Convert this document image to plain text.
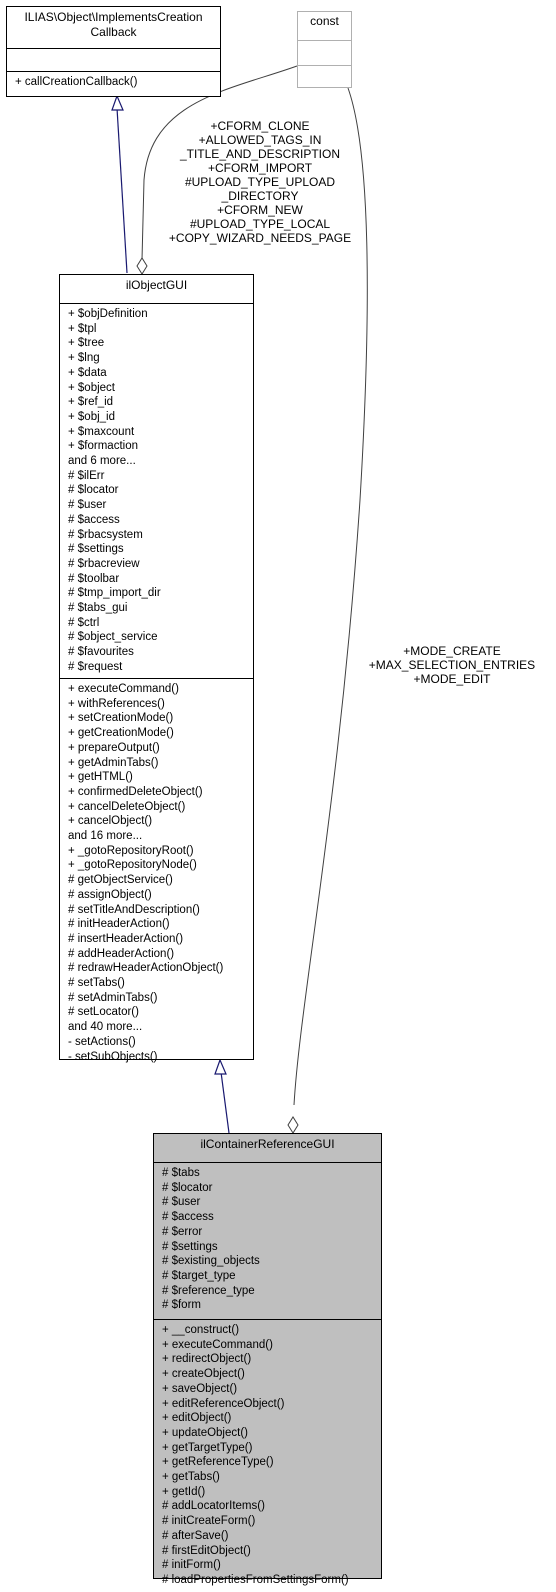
ILIAS\Object\ImplementsCreation
Callback
+ callCreationCallback()
const
+CFORM_CLONE
+ALLOWED_TAGS_IN
_TITLE_AND_DESCRIPTION
+CFORM_IMPORT
#UPLOAD_TYPE_UPLOAD
_DIRECTORY
+CFORM_NEW
#UPLOAD_TYPE_LOCAL
+COPY_WIZARD_NEEDS_PAGE
+MODE_CREATE
+MAX_SELECTION_ENTRIES
+MODE_EDIT
ilObjectGUI
+ $objDefinition
+ $tpl
+ $tree
+ $lng
+ $data
+ $object
+ $ref_id
+ $obj_id
+ $maxcount
+ $formaction
and 6 more...
# $ilErr
# $locator
# $user
# $access
# $rbacsystem
# $settings
# $rbacreview
# $toolbar
# $tmp_import_dir
# $tabs_gui
# $ctrl
# $object_service
# $favourites
# $request
+ executeCommand()
+ withReferences()
+ setCreationMode()
+ getCreationMode()
+ prepareOutput()
+ getAdminTabs()
+ getHTML()
+ confirmedDeleteObject()
+ cancelDeleteObject()
+ cancelObject()
and 16 more...
+ _gotoRepositoryRoot()
+ _gotoRepositoryNode()
# getObjectService()
# assignObject()
# setTitleAndDescription()
# initHeaderAction()
# insertHeaderAction()
# addHeaderAction()
# redrawHeaderActionObject()
# setTabs()
# setAdminTabs()
# setLocator()
and 40 more...
- setActions()
- setSubObjects()
ilContainerReferenceGUI
# $tabs
# $locator
# $user
# $access
# $error
# $settings
# $existing_objects
# $target_type
# $reference_type
# $form
+ __construct()
+ executeCommand()
+ redirectObject()
+ createObject()
+ saveObject()
+ editReferenceObject()
+ editObject()
+ updateObject()
+ getTargetType()
+ getReferenceType()
+ getTabs()
+ getId()
# addLocatorItems()
# initCreateForm()
# afterSave()
# firstEditObject()
# initForm()
# loadPropertiesFromSettingsForm()
